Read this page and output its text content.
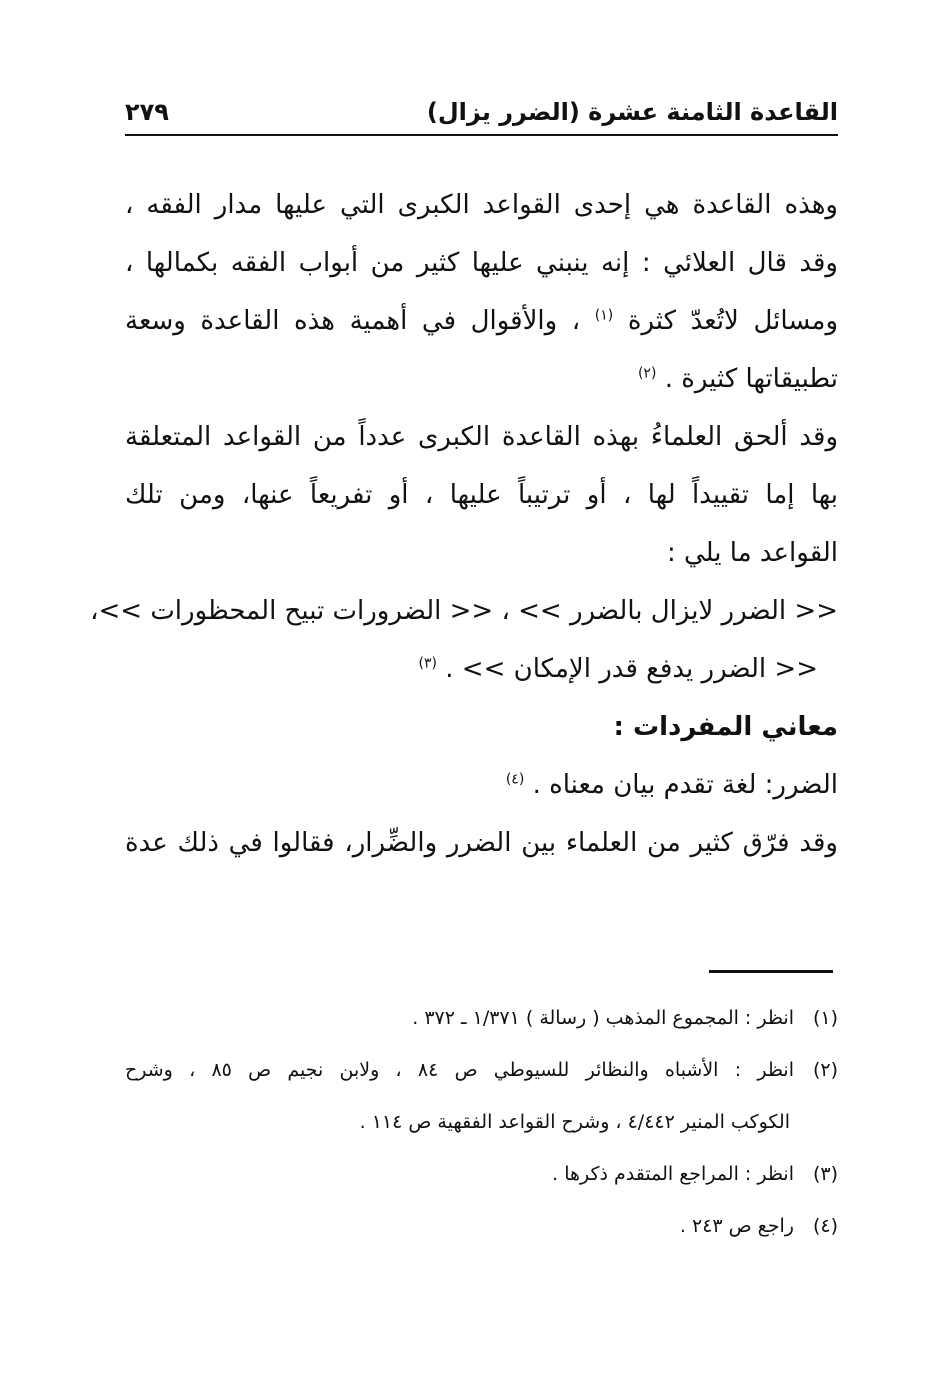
القاعدة الثامنة عشرة (الضرر يزال)
٢٧٩
وهذه القاعدة هي إحدى القواعد الكبرى التي عليها مدار الفقه ،
وقد قال العلائي : إنه ينبني عليها كثير من أبواب الفقه بكمالها ،
ومسائل لاتُعدّ كثرة $^{(١)}$ ، والأقوال في أهمية هذه القاعدة وسعة
تطبيقاتها كثيرة . $^{(٢)}$
وقد ألحق العلماءُ بهذه القاعدة الكبرى عدداً من القواعد المتعلقة
بها إما تقييداً لها ، أو ترتيباً عليها ، أو تفريعاً عنها، ومن تلك
القواعد ما يلي :
<< الضرر لايزال بالضرر >> ، << الضرورات تبيح المحظورات >>،
<< الضرر يدفع قدر الإمكان >> . $^{(٣)}$
معاني المفردات :
الضرر: لغة تقدم بيان معناه . $^{(٤)}$
وقد فرّق كثير من العلماء بين الضرر والضِّرار، فقالوا في ذلك عدة
(١)انظر : المجموع المذهب ( رسالة ) ١/٣٧١ ـ ٣٧٢ .
(٢)انظر : الأشباه والنظائر للسيوطي ص ٨٤ ، ولابن نجيم ص ٨٥ ، وشرح
الكوكب المنير ٤/٤٤٢ ، وشرح القواعد الفقهية ص ١١٤ .
(٣)انظر : المراجع المتقدم ذكرها .
(٤)راجع ص ٢٤٣ .
